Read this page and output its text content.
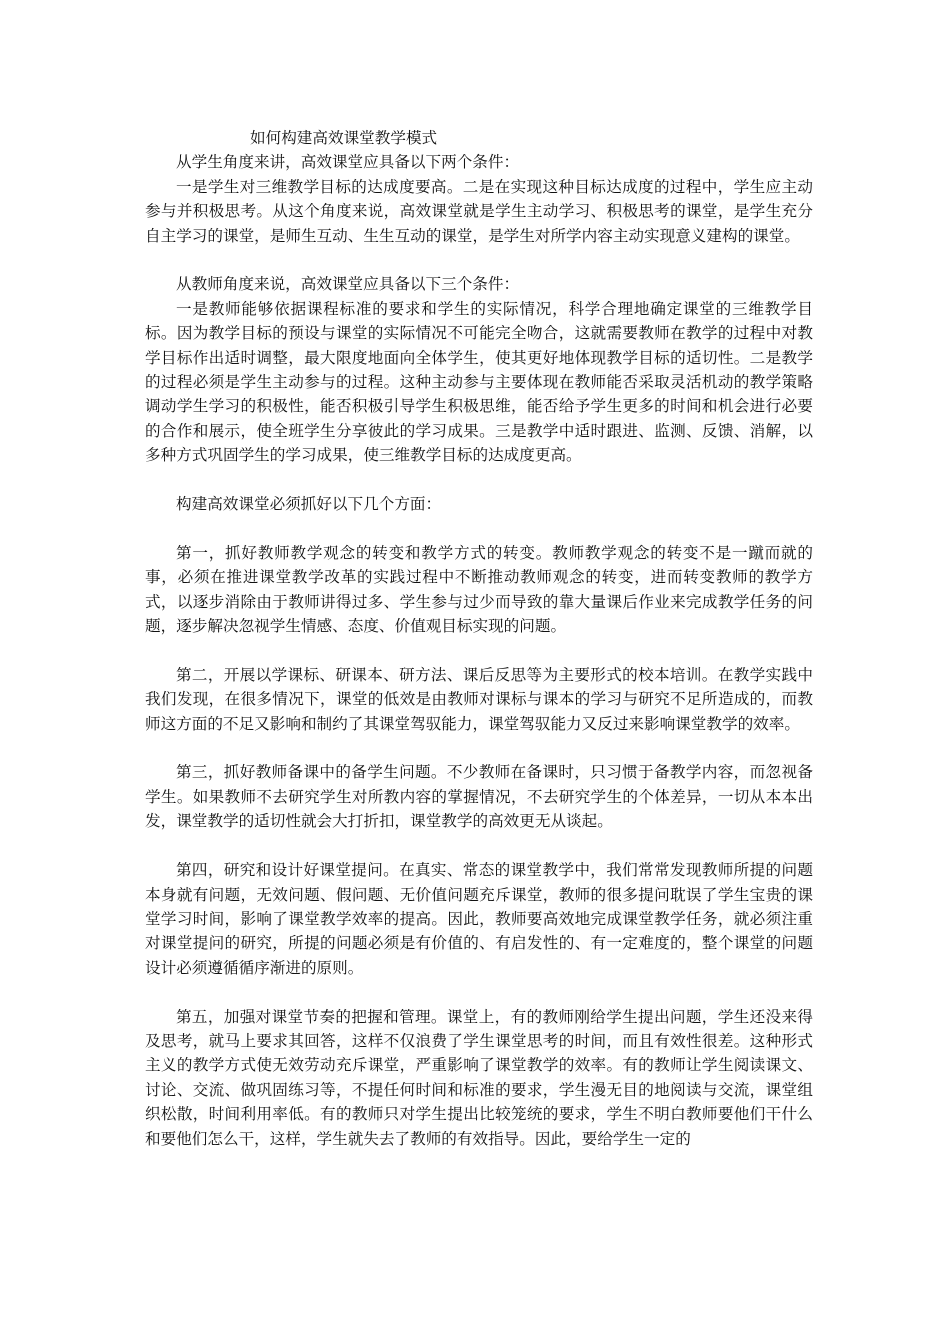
如何构建高效课堂教学模式

从学生角度来讲，高效课堂应具备以下两个条件：

一是学生对三维教学目标的达成度要高。二是在实现这种目标达成度的过程中，学生应主动参与并积极思考。从这个角度来说，高效课堂就是学生主动学习、积极思考的课堂，是学生充分自主学习的课堂，是师生互动、生生互动的课堂，是学生对所学内容主动实现意义建构的课堂。

从教师角度来说，高效课堂应具备以下三个条件：

一是教师能够依据课程标准的要求和学生的实际情况，科学合理地确定课堂的三维教学目标。因为教学目标的预设与课堂的实际情况不可能完全吻合，这就需要教师在教学的过程中对教学目标作出适时调整，最大限度地面向全体学生，使其更好地体现教学目标的适切性。二是教学的过程必须是学生主动参与的过程。这种主动参与主要体现在教师能否采取灵活机动的教学策略调动学生学习的积极性，能否积极引导学生积极思维，能否给予学生更多的时间和机会进行必要的合作和展示，使全班学生分享彼此的学习成果。三是教学中适时跟进、监测、反馈、消解，以多种方式巩固学生的学习成果，使三维教学目标的达成度更高。

构建高效课堂必须抓好以下几个方面：

第一，抓好教师教学观念的转变和教学方式的转变。教师教学观念的转变不是一蹴而就的事，必须在推进课堂教学改革的实践过程中不断推动教师观念的转变，进而转变教师的教学方式，以逐步消除由于教师讲得过多、学生参与过少而导致的靠大量课后作业来完成教学任务的问题，逐步解决忽视学生情感、态度、价值观目标实现的问题。

第二，开展以学课标、研课本、研方法、课后反思等为主要形式的校本培训。在教学实践中我们发现，在很多情况下，课堂的低效是由教师对课标与课本的学习与研究不足所造成的，而教师这方面的不足又影响和制约了其课堂驾驭能力，课堂驾驭能力又反过来影响课堂教学的效率。

第三，抓好教师备课中的备学生问题。不少教师在备课时，只习惯于备教学内容，而忽视备学生。如果教师不去研究学生对所教内容的掌握情况，不去研究学生的个体差异，一切从本本出发，课堂教学的适切性就会大打折扣，课堂教学的高效更无从谈起。

第四，研究和设计好课堂提问。在真实、常态的课堂教学中，我们常常发现教师所提的问题本身就有问题，无效问题、假问题、无价值问题充斥课堂，教师的很多提问耽误了学生宝贵的课堂学习时间，影响了课堂教学效率的提高。因此，教师要高效地完成课堂教学任务，就必须注重对课堂提问的研究，所提的问题必须是有价值的、有启发性的、有一定难度的，整个课堂的问题设计必须遵循循序渐进的原则。

第五，加强对课堂节奏的把握和管理。课堂上，有的教师刚给学生提出问题，学生还没来得及思考，就马上要求其回答，这样不仅浪费了学生课堂思考的时间，而且有效性很差。这种形式主义的教学方式使无效劳动充斥课堂，严重影响了课堂教学的效率。有的教师让学生阅读课文、讨论、交流、做巩固练习等，不提任何时间和标准的要求，学生漫无目的地阅读与交流，课堂组织松散，时间利用率低。有的教师只对学生提出比较笼统的要求，学生不明白教师要他们干什么和要他们怎么干，这样，学生就失去了教师的有效指导。因此，要给学生一定的
